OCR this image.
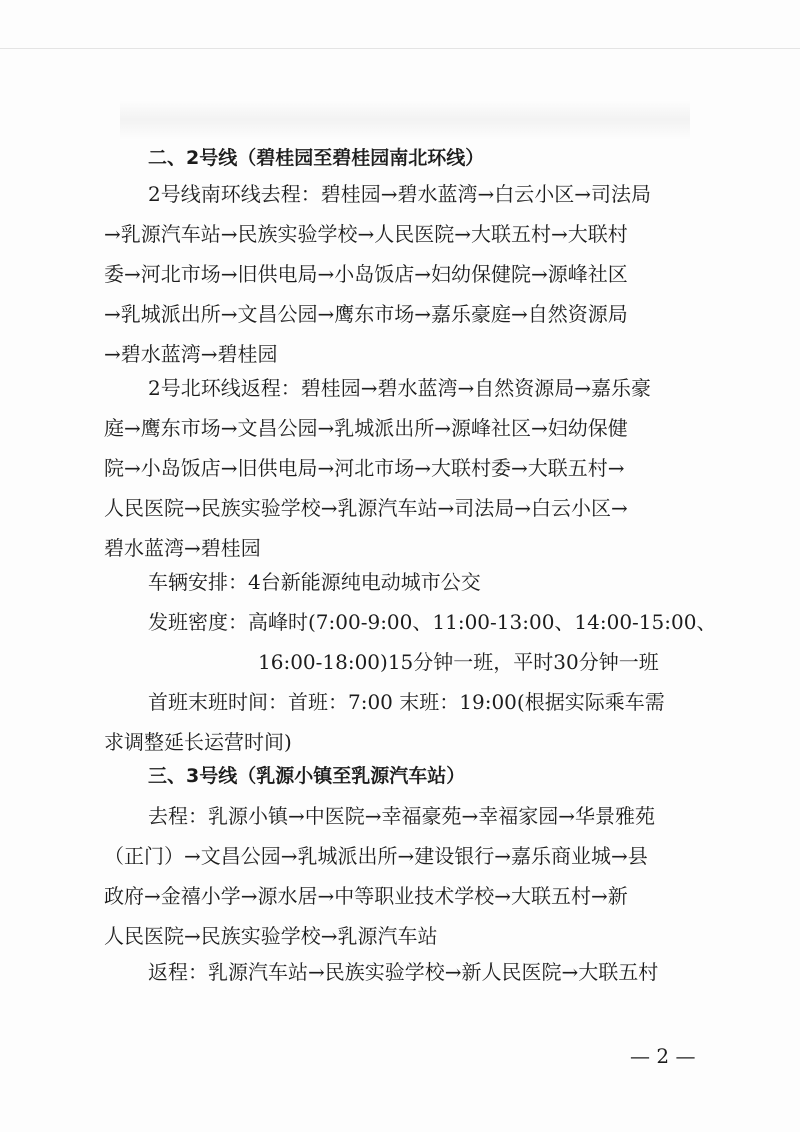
二、2号线（碧桂园至碧桂园南北环线）
2号线南环线去程：碧桂园→碧水蓝湾→白云小区→司法局
→乳源汽车站→民族实验学校→人民医院→大联五村→大联村
委→河北市场→旧供电局→小岛饭店→妇幼保健院→源峰社区
→乳城派出所→文昌公园→鹰东市场→嘉乐豪庭→自然资源局
→碧水蓝湾→碧桂园
2号北环线返程：碧桂园→碧水蓝湾→自然资源局→嘉乐豪
庭→鹰东市场→文昌公园→乳城派出所→源峰社区→妇幼保健
院→小岛饭店→旧供电局→河北市场→大联村委→大联五村→
人民医院→民族实验学校→乳源汽车站→司法局→白云小区→
碧水蓝湾→碧桂园
车辆安排：4台新能源纯电动城市公交
发班密度：高峰时(7:00-9:00、11:00-13:00、14:00-15:00、
16:00-18:00)15分钟一班，平时30分钟一班
首班末班时间：首班：7:00 末班：19:00(根据实际乘车需
求调整延长运营时间)
三、3号线（乳源小镇至乳源汽车站）
去程：乳源小镇→中医院→幸福豪苑→幸福家园→华景雅苑
（正门）→文昌公园→乳城派出所→建设银行→嘉乐商业城→县
政府→金禧小学→源水居→中等职业技术学校→大联五村→新
人民医院→民族实验学校→乳源汽车站
返程：乳源汽车站→民族实验学校→新人民医院→大联五村
— 2 —
